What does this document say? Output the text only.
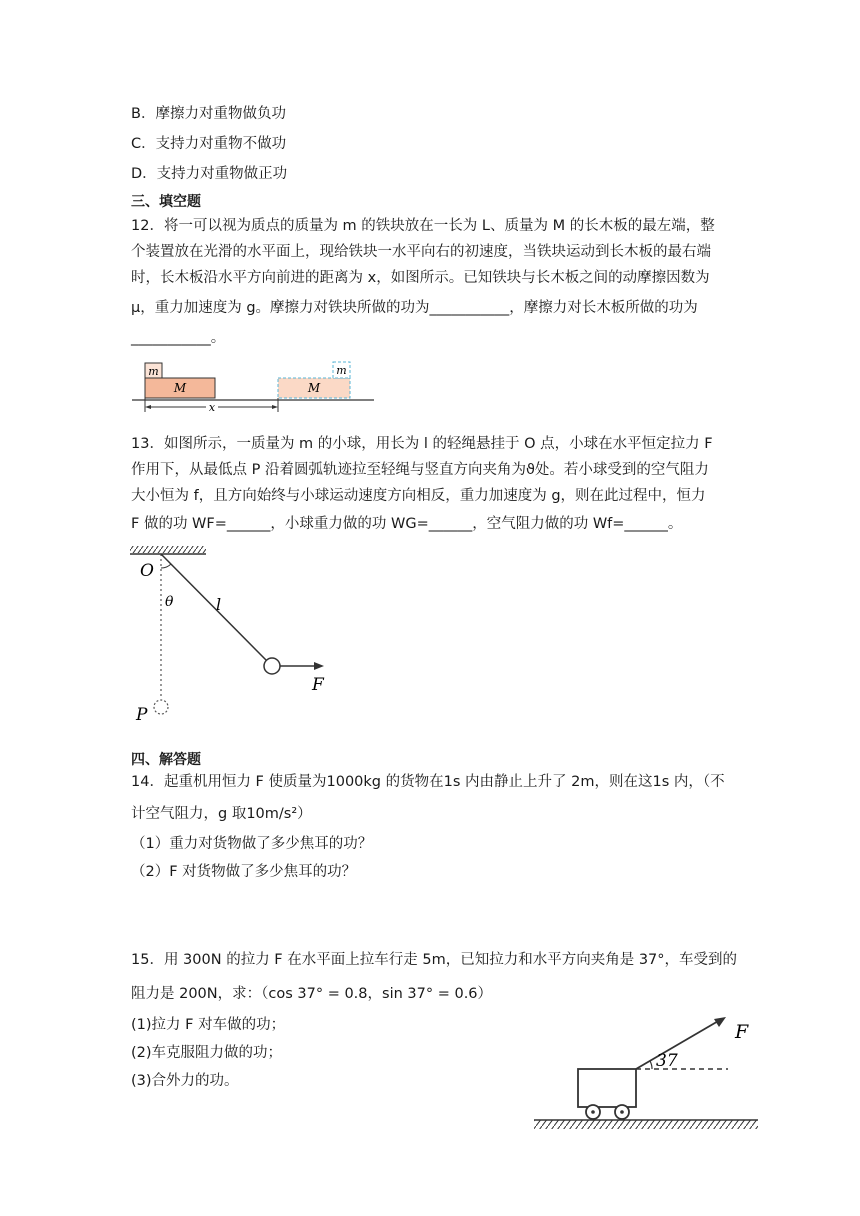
B．摩擦力对重物做负功
C．支持力对重物不做功
D．支持力对重物做正功
三、填空题
12．将一可以视为质点的质量为 m 的铁块放在一长为 L、质量为 M 的长木板的最左端，整
个装置放在光滑的水平面上，现给铁块一水平向右的初速度，当铁块运动到长木板的最右端
时，长木板沿水平方向前进的距离为 x，如图所示。已知铁块与长木板之间的动摩擦因数为
μ，重力加速度为 g。摩擦力对铁块所做的功为___________，摩擦力对长木板所做的功为
___________。
m
M	M
m
x
13．如图所示，一质量为 m 的小球，用长为 l 的轻绳悬挂于 O 点，小球在水平恒定拉力 F
作用下，从最低点 P 沿着圆弧轨迹拉至轻绳与竖直方向夹角为ϑ处。若小球受到的空气阻力
大小恒为 f，且方向始终与小球运动速度方向相反，重力加速度为 g，则在此过程中，恒力
F 做的功 WF=______，小球重力做的功 WG=______，空气阻力做的功 Wf=______。
O
θ	l
F
P
四、解答题
14．起重机用恒力 F 使质量为1000kg 的货物在1s 内由静止上升了 2m，则在这1s 内，（不
计空气阻力，g 取10m/s²）
（1）重力对货物做了多少焦耳的功？
（2）F 对货物做了多少焦耳的功？
15．用 300N 的拉力 F 在水平面上拉车行走 5m，已知拉力和水平方向夹角是 37°，车受到的
阻力是 200N，求：（cos 37° = 0.8，sin 37° = 0.6）
(1)拉力 F 对车做的功；
(2)车克服阻力做的功；
(3)合外力的功。
F
37
